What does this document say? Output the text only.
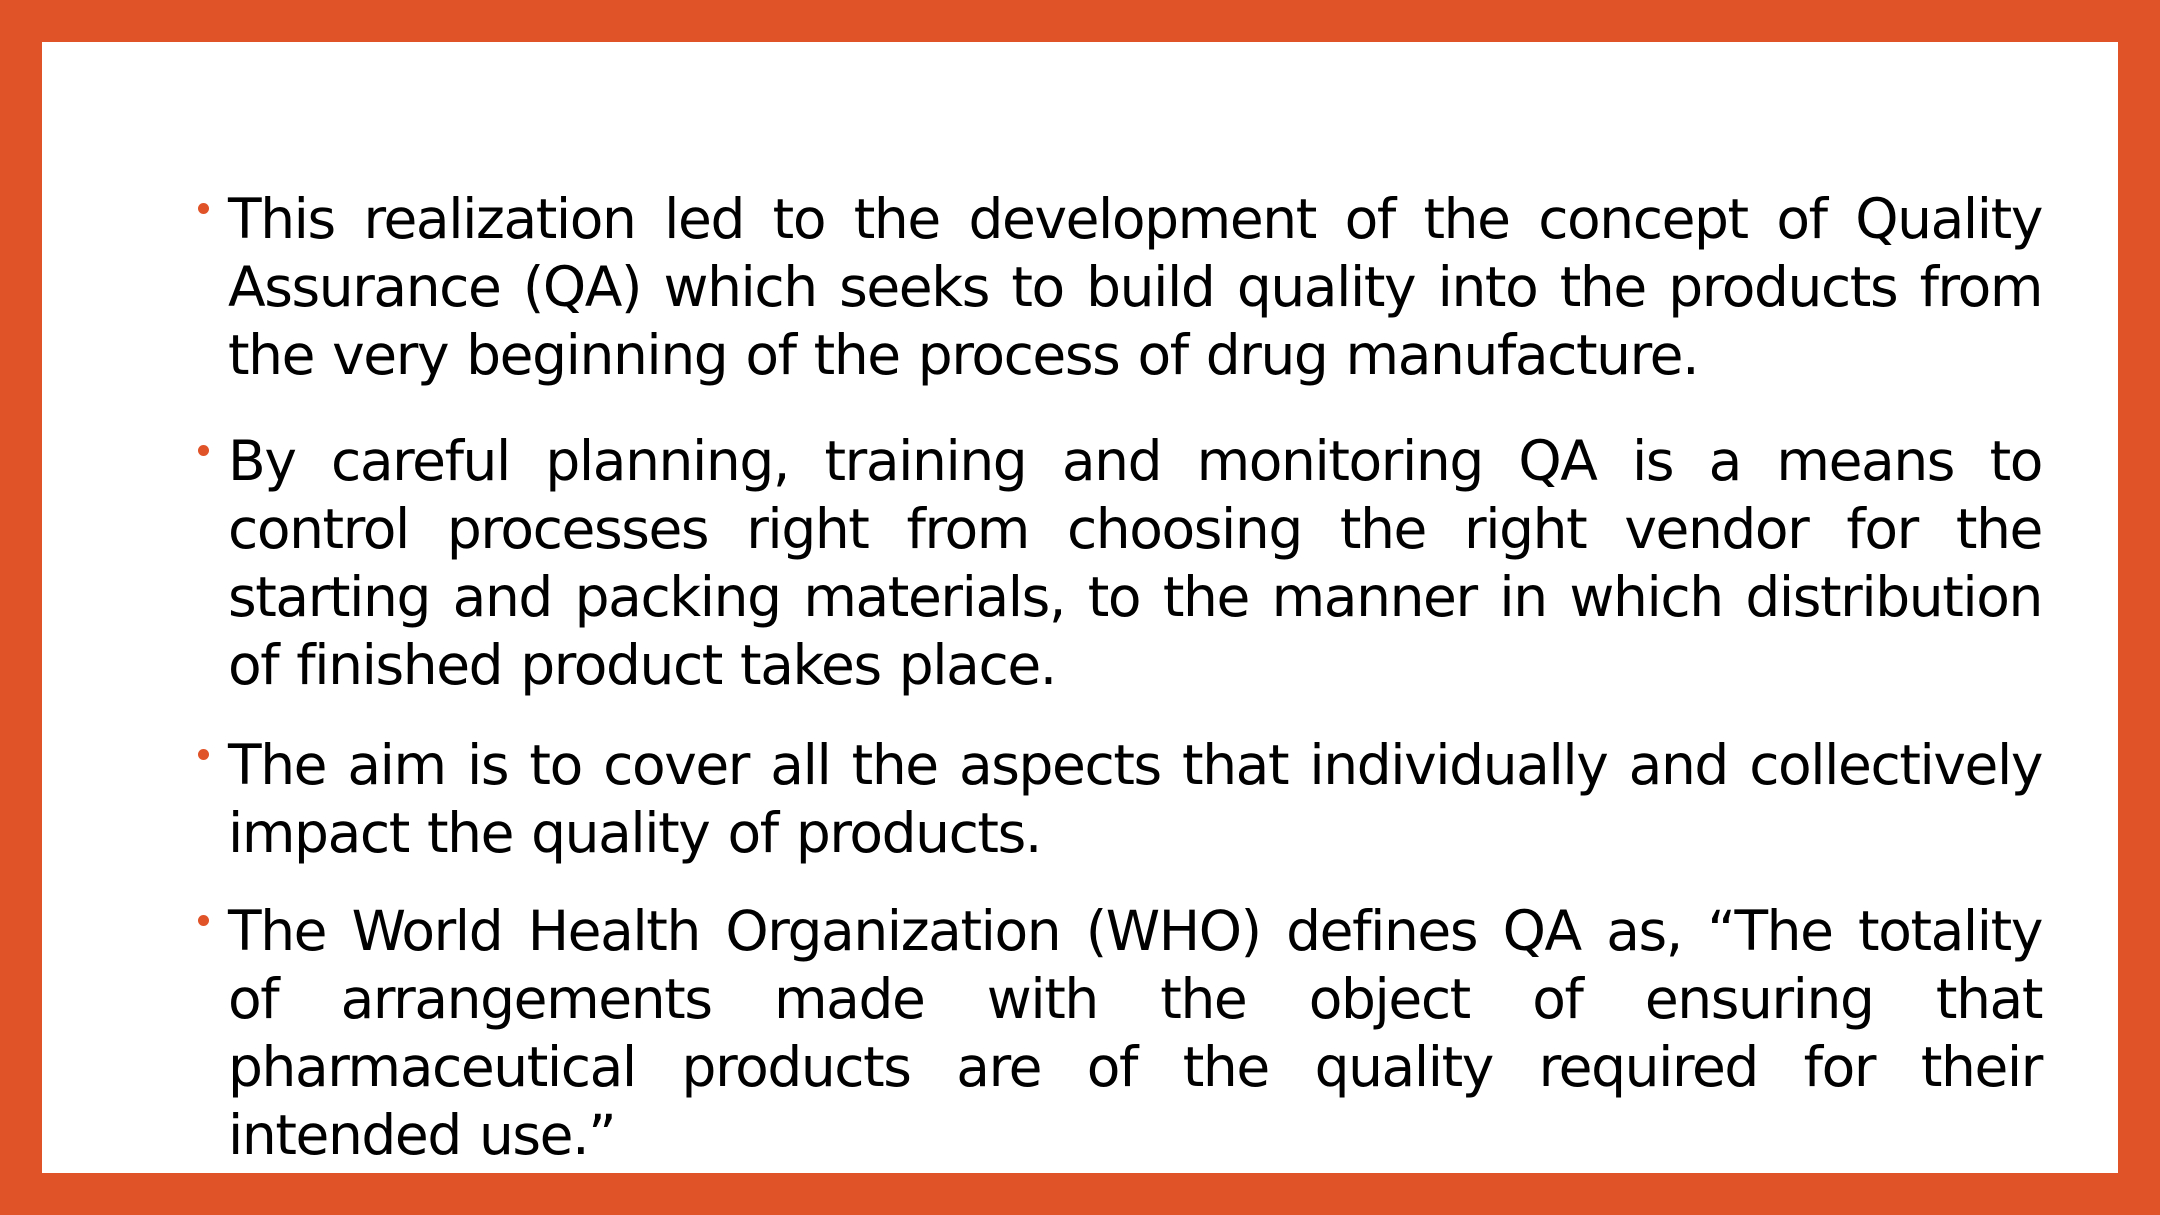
This realization led to the development of the concept of Quality Assurance (QA) which seeks to build quality into the products from the very beginning of the process of drug manufacture.

By careful planning, training and monitoring QA is a means to control processes right from choosing the right vendor for the starting and packing materials, to the manner in which distribution of finished product takes place.

The aim is to cover all the aspects that individually and collectively impact the quality of products.

The World Health Organization (WHO) defines QA as, “The totality of arrangements made with the object of ensuring that pharmaceutical products are of the quality required for their intended use.”
